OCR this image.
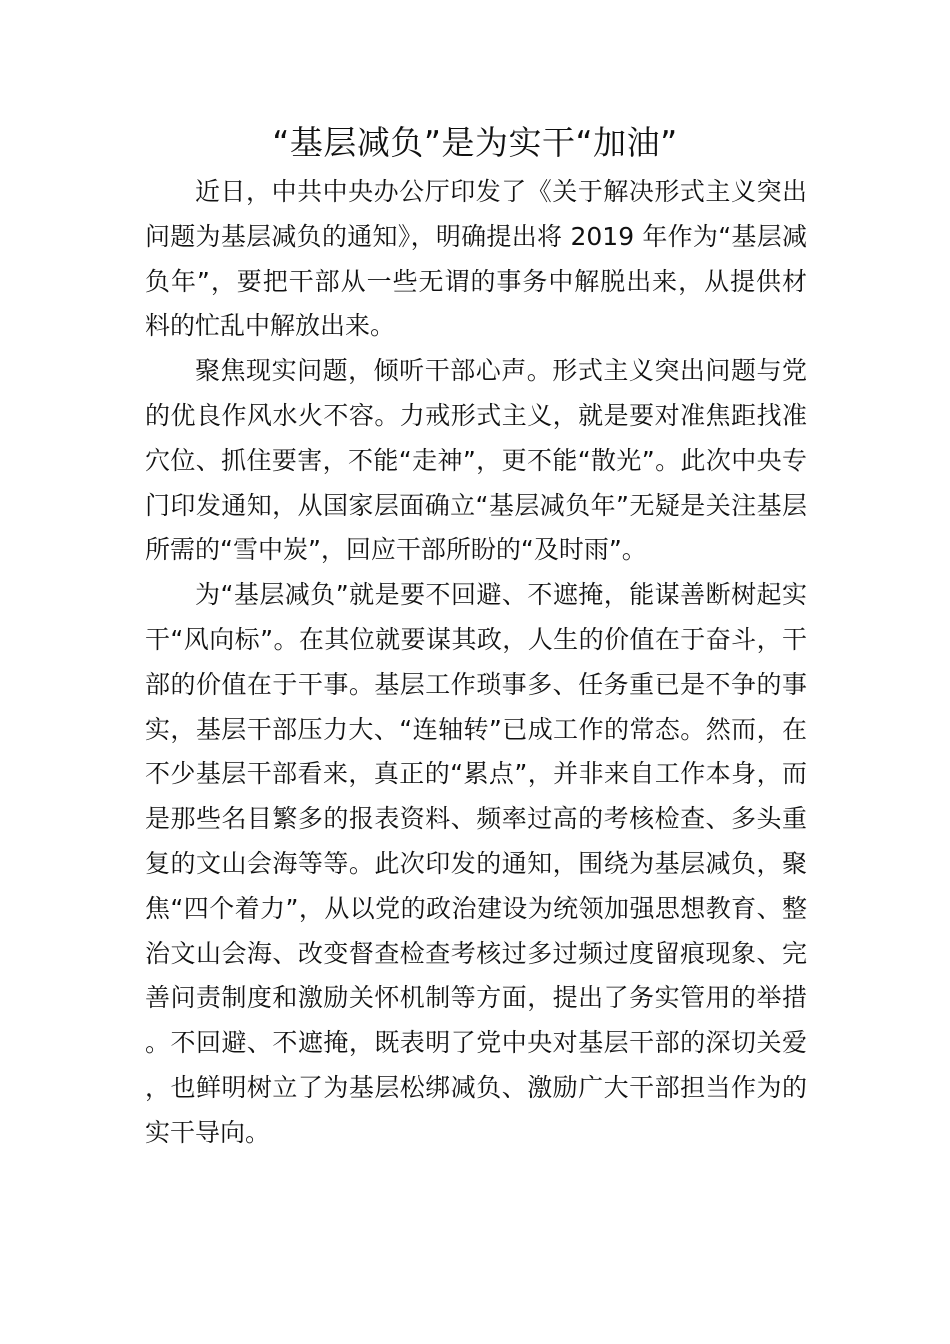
“基层减负”是为实干“加油”

近日，中共中央办公厅印发了《关于解决形式主义突出问题为基层减负的通知》，明确提出将 2019 年作为“基层减负年”，要把干部从一些无谓的事务中解脱出来，从提供材料的忙乱中解放出来。

聚焦现实问题，倾听干部心声。形式主义突出问题与党的优良作风水火不容。力戒形式主义，就是要对准焦距找准穴位、抓住要害，不能“走神”，更不能“散光”。此次中央专门印发通知，从国家层面确立“基层减负年”无疑是关注基层所需的“雪中炭”，回应干部所盼的“及时雨”。

为“基层减负”就是要不回避、不遮掩，能谋善断树起实干“风向标”。在其位就要谋其政，人生的价值在于奋斗，干部的价值在于干事。基层工作琐事多、任务重已是不争的事实，基层干部压力大、“连轴转”已成工作的常态。然而，在不少基层干部看来，真正的“累点”，并非来自工作本身，而是那些名目繁多的报表资料、频率过高的考核检查、多头重复的文山会海等等。此次印发的通知，围绕为基层减负，聚焦“四个着力”，从以党的政治建设为统领加强思想教育、整治文山会海、改变督查检查考核过多过频过度留痕现象、完善问责制度和激励关怀机制等方面，提出了务实管用的举措。不回避、不遮掩，既表明了党中央对基层干部的深切关爱，也鲜明树立了为基层松绑减负、激励广大干部担当作为的实干导向。
